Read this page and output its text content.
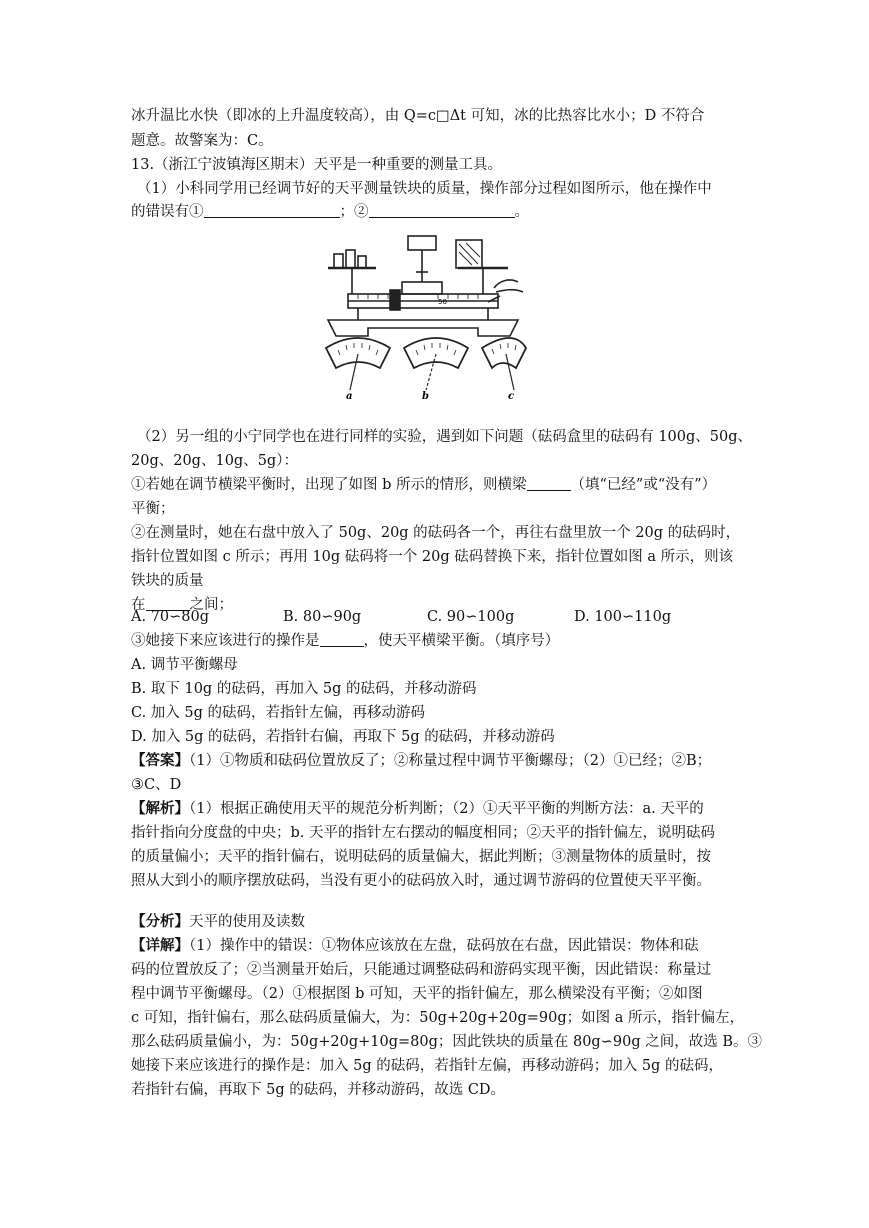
冰升温比水快（即冰的上升温度较高），由 Q=c□Δt 可知，冰的比热容比水小；D 不符合
题意。故警案为：C。
13.（浙江宁波镇海区期末）天平是一种重要的测量工具。
（1）小科同学用已经调节好的天平测量铁块的质量，操作部分过程如图所示，他在操作中
的错误有①	；②	。
50
a	b	c
（2）另一组的小宁同学也在进行同样的实验，遇到如下问题（砝码盒里的砝码有 100g、50g、
20g、20g、10g、5g）：
①若她在调节横梁平衡时，出现了如图 b 所示的情形，则横梁	（填“已经”或“没有”）
平衡；
②在测量时，她在右盘中放入了 50g、20g 的砝码各一个，再往右盘里放一个 20g 的砝码时，
指针位置如图 c 所示；再用 10g 砝码将一个 20g 砝码替换下来，指针位置如图 a 所示，则该
铁块的质量
在	之间；
A. 70∽80g	B. 80∽90g	C. 90∽100g	D. 100∽110g
③她接下来应该进行的操作是	，使天平横梁平衡。（填序号）
A. 调节平衡螺母
B. 取下 10g 的砝码，再加入 5g 的砝码，并移动游码
C. 加入 5g 的砝码，若指针左偏，再移动游码
D. 加入 5g 的砝码，若指针右偏，再取下 5g 的砝码，并移动游码
【答案】（1）①物质和砝码位置放反了；②称量过程中调节平衡螺母；（2）①已经；②B；
③C、D
【解析】（1）根据正确使用天平的规范分析判断；（2）①天平平衡的判断方法：a. 天平的
指针指向分度盘的中央；b. 天平的指针左右摆动的幅度相同；②天平的指针偏左，说明砝码
的质量偏小；天平的指针偏右，说明砝码的质量偏大，据此判断；③测量物体的质量时，按
照从大到小的顺序摆放砝码，当没有更小的砝码放入时，通过调节游码的位置使天平平衡。
【分析】天平的使用及读数
【详解】（1）操作中的错误：①物体应该放在左盘，砝码放在右盘，因此错误：物体和砝
码的位置放反了；②当测量开始后，只能通过调整砝码和游码实现平衡，因此错误：称量过
程中调节平衡螺母。（2）①根据图 b 可知，天平的指针偏左，那么横梁没有平衡；②如图
c 可知，指针偏右，那么砝码质量偏大，为：50g+20g+20g=90g；如图 a 所示，指针偏左，
那么砝码质量偏小，为：50g+20g+10g=80g；因此铁块的质量在 80g∽90g 之间，故选 B。③
她接下来应该进行的操作是：加入 5g 的砝码，若指针左偏，再移动游码；加入 5g 的砝码，
若指针右偏，再取下 5g 的砝码，并移动游码，故选 CD。
